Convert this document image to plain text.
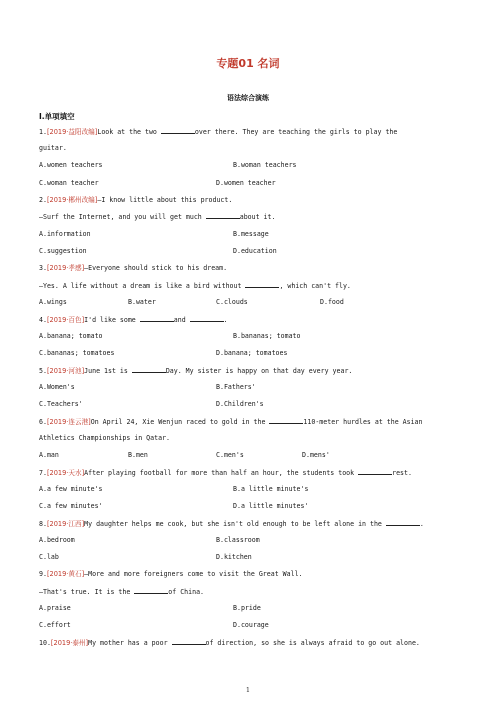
专题01 名词
语法综合演练
Ⅰ.单项填空
1.[2019·益阳改编]Look at the two	over there. They are teaching the girls to play the
guitar.
A.women teachers	B.woman teachers
C.woman teacher	D.women teacher
2.[2019·郴州改编]—I know little about this product.
—Surf the Internet, and you will get much	about it.
A.information	B.message
C.suggestion	D.education
3.[2019·孝感]—Everyone should stick to his dream.
—Yes. A life without a dream is like a bird without	, which can't fly.
A.wings	B.water	C.clouds	D.food
4.[2019·百色]I'd like some	and	.
A.banana; tomato	B.bananas; tomato
C.bananas; tomatoes	D.banana; tomatoes
5.[2019·河池]June 1st is	Day. My sister is happy on that day every year.
A.Women's	B.Fathers'
C.Teachers'	D.Children's
6.[2019·连云港]On April 24, Xie Wenjun raced to gold in the	110-meter hurdles at the Asian
Athletics Championships in Qatar.
A.man	B.men	C.men's	D.mens'
7.[2019·天水]After playing football for more than half an hour, the students took	rest.
A.a few minute's	B.a little minute's
C.a few minutes'	D.a little minutes'
8.[2019·江西]My daughter helps me cook, but she isn't old enough to be left alone in the	.
A.bedroom	B.classroom
C.lab	D.kitchen
9.[2019·黄石]—More and more foreigners come to visit the Great Wall.
—That's true. It is the	of China.
A.praise	B.pride
C.effort	D.courage
10.[2019·泰州]My mother has a poor	of direction, so she is always afraid to go out alone.
1
